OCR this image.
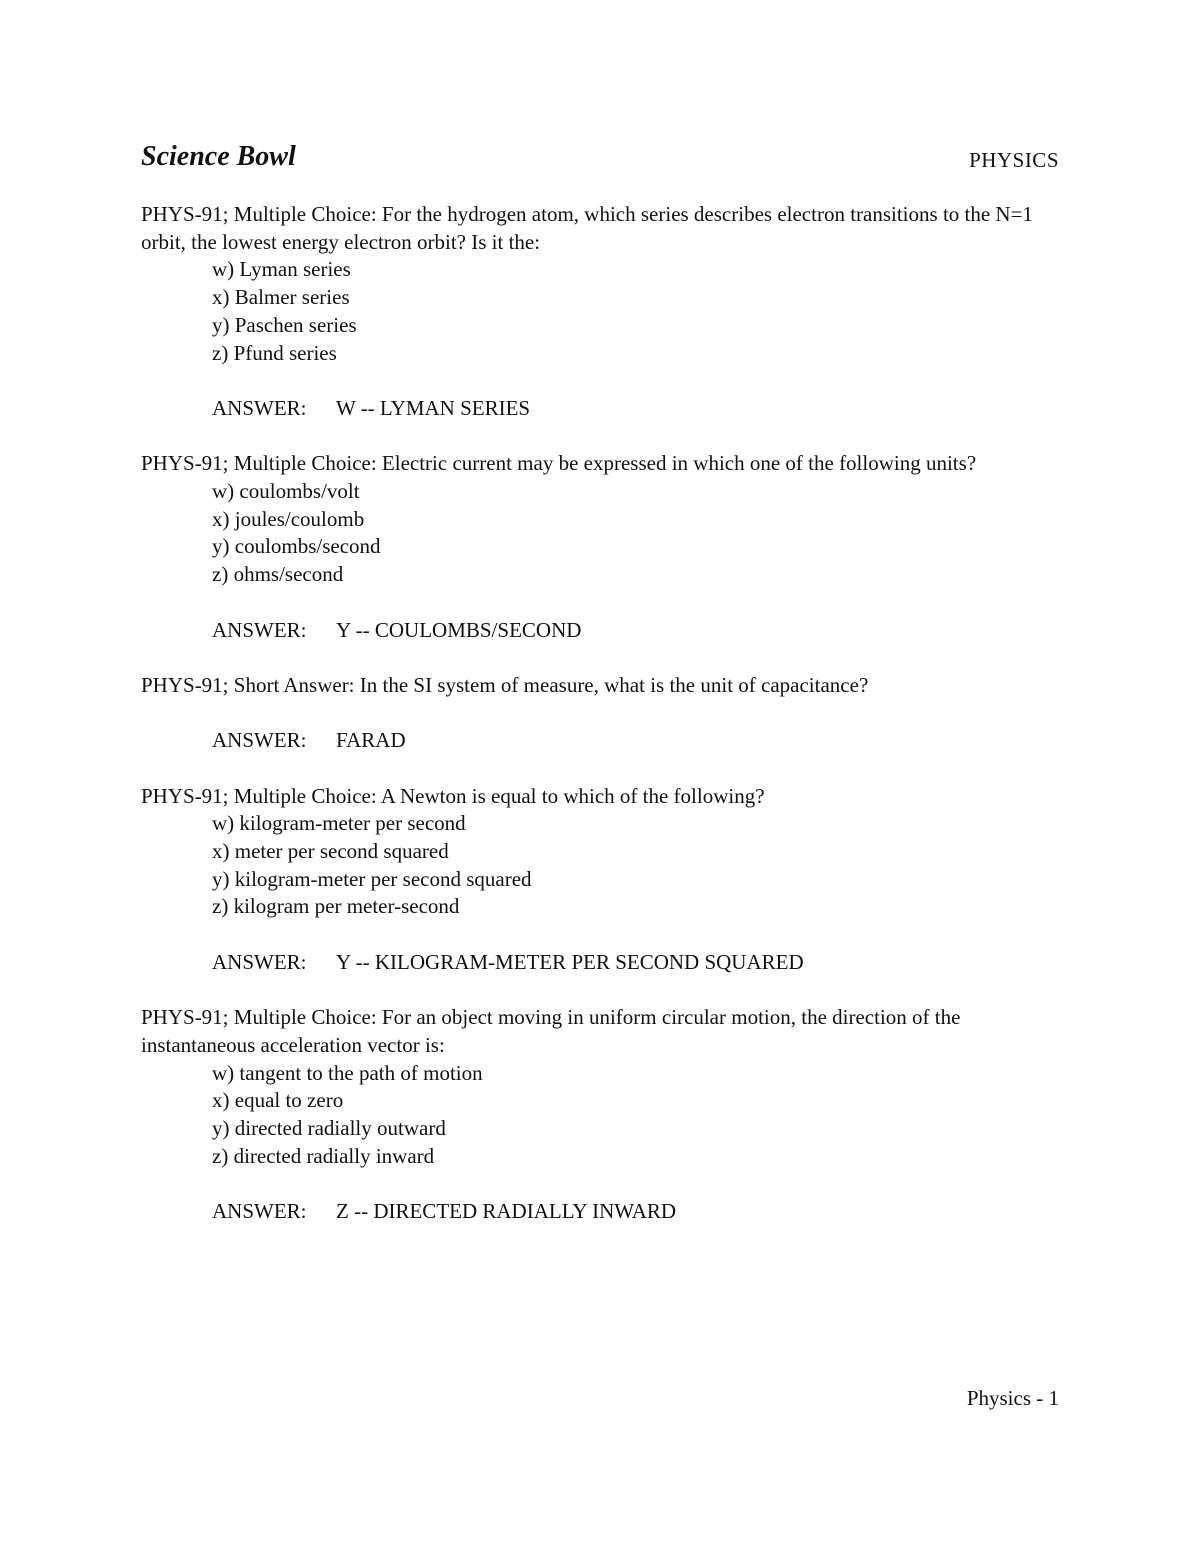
Science Bowl	PHYSICS

PHYS-91; Multiple Choice: For the hydrogen atom, which series describes electron transitions to the N=1 orbit, the lowest energy electron orbit? Is it the:

w) Lyman series
x) Balmer series
y) Paschen series
z) Pfund series
ANSWER: W -- LYMAN SERIES

PHYS-91; Multiple Choice: Electric current may be expressed in which one of the following units?

w) coulombs/volt
x) joules/coulomb
y) coulombs/second
z) ohms/second
ANSWER: Y -- COULOMBS/SECOND

PHYS-91; Short Answer: In the SI system of measure, what is the unit of capacitance?

ANSWER: FARAD

PHYS-91; Multiple Choice: A Newton is equal to which of the following?

w) kilogram-meter per second
x) meter per second squared
y) kilogram-meter per second squared
z) kilogram per meter-second
ANSWER: Y -- KILOGRAM-METER PER SECOND SQUARED

PHYS-91; Multiple Choice: For an object moving in uniform circular motion, the direction of the instantaneous acceleration vector is:

w) tangent to the path of motion
x) equal to zero
y) directed radially outward
z) directed radially inward
ANSWER: Z -- DIRECTED RADIALLY INWARD
Physics - 1
